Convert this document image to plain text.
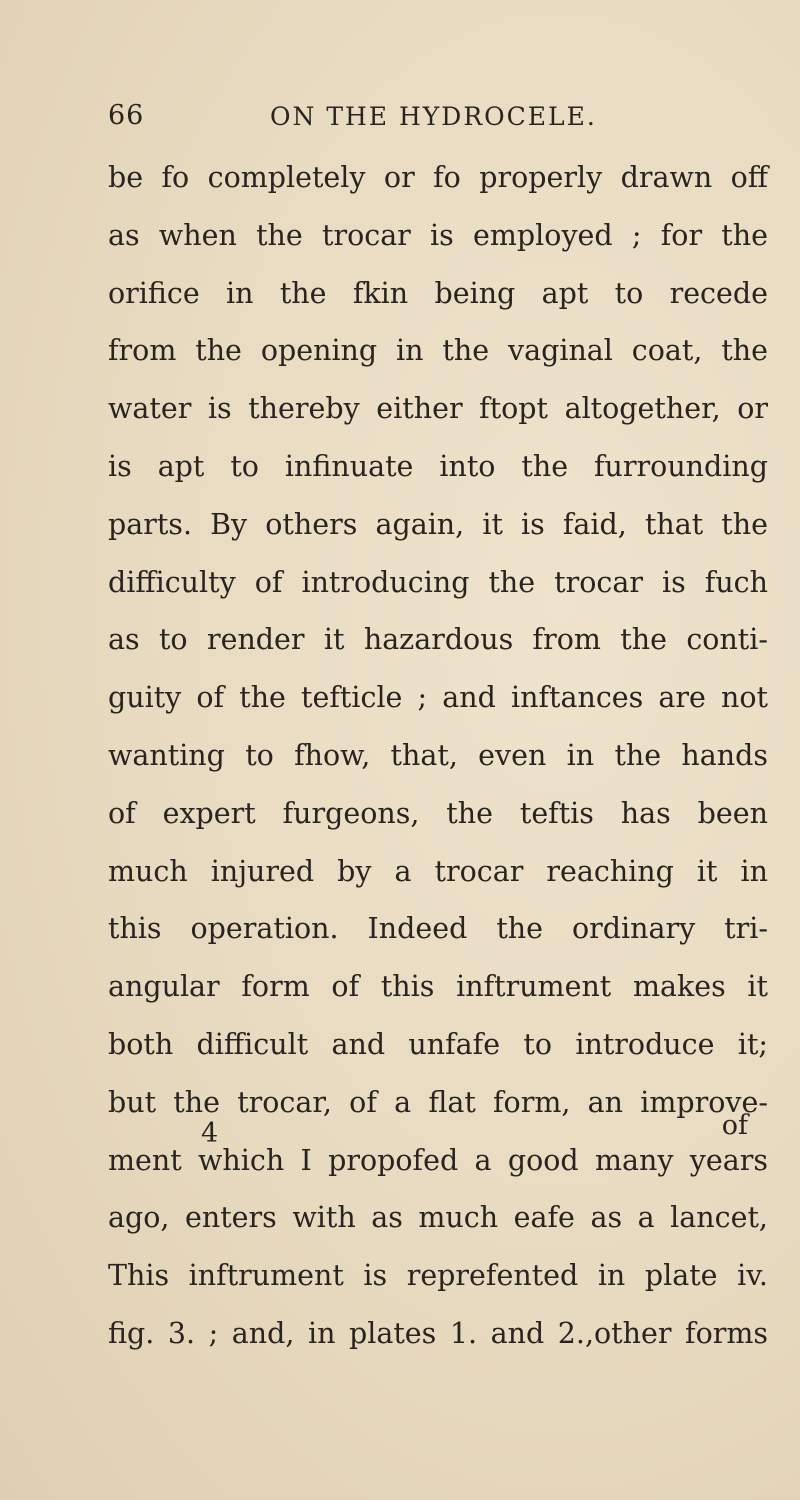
66	ON THE HYDROCELE.
be fo completely or fo properly drawn off
as when the trocar is employed ; for the
orifice in the fkin being apt to recede
from the opening in the vaginal coat, the
water is thereby either ftopt altogether, or
is apt to infinuate into the furrounding
parts. By others again, it is faid, that the
difficulty of introducing the trocar is fuch
as to render it hazardous from the conti-
guity of the tefticle ; and inftances are not
wanting to fhow, that, even in the hands
of expert furgeons, the teftis has been
much injured by a trocar reaching it in
this operation. Indeed the ordinary tri-
angular form of this inftrument makes it
both difficult and unfafe to introduce it;
but the trocar, of a flat form, an improve-
ment which I propofed a good many years
ago, enters with as much eafe as a lancet,
This inftrument is reprefented in plate iv.
fig. 3. ; and, in plates 1. and 2.,other forms
4	of
